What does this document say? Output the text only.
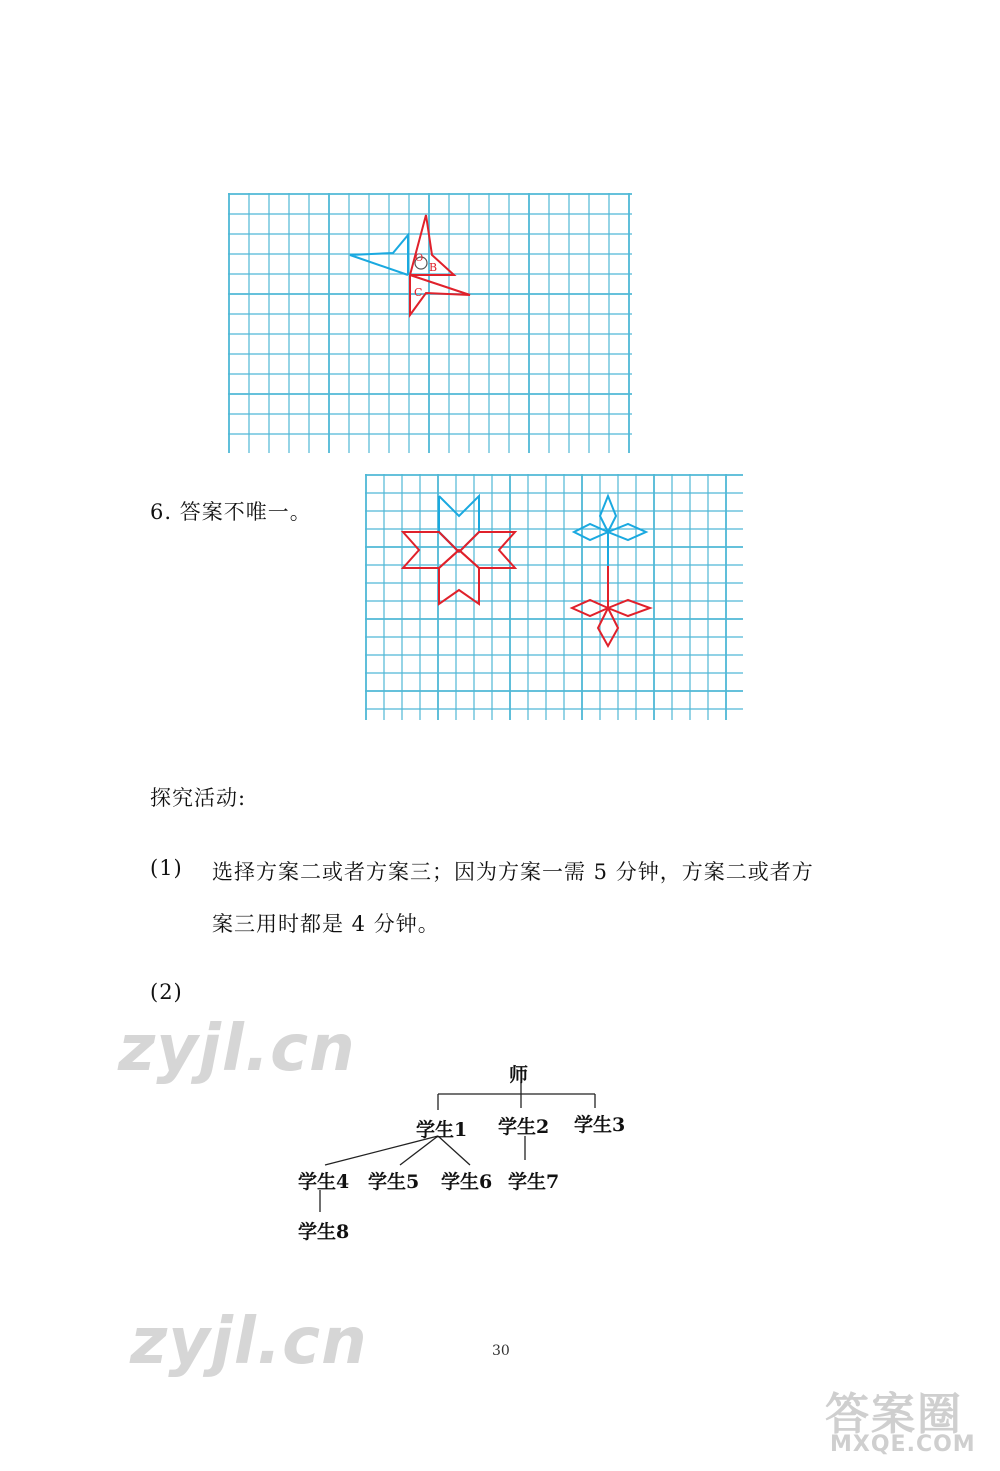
O
B
C
6. 答案不唯一。
探究活动:
(1) 选择方案二或者方案三；因为方案一需 5 分钟，方案二或者方
案三用时都是 4 分钟。
(2)
师
学生1 学生2 学生3
学生4 学生5 学生6 学生7
学生8
zyjl.cn
zyjl.cn	30
答案圈
MXQE.COM
